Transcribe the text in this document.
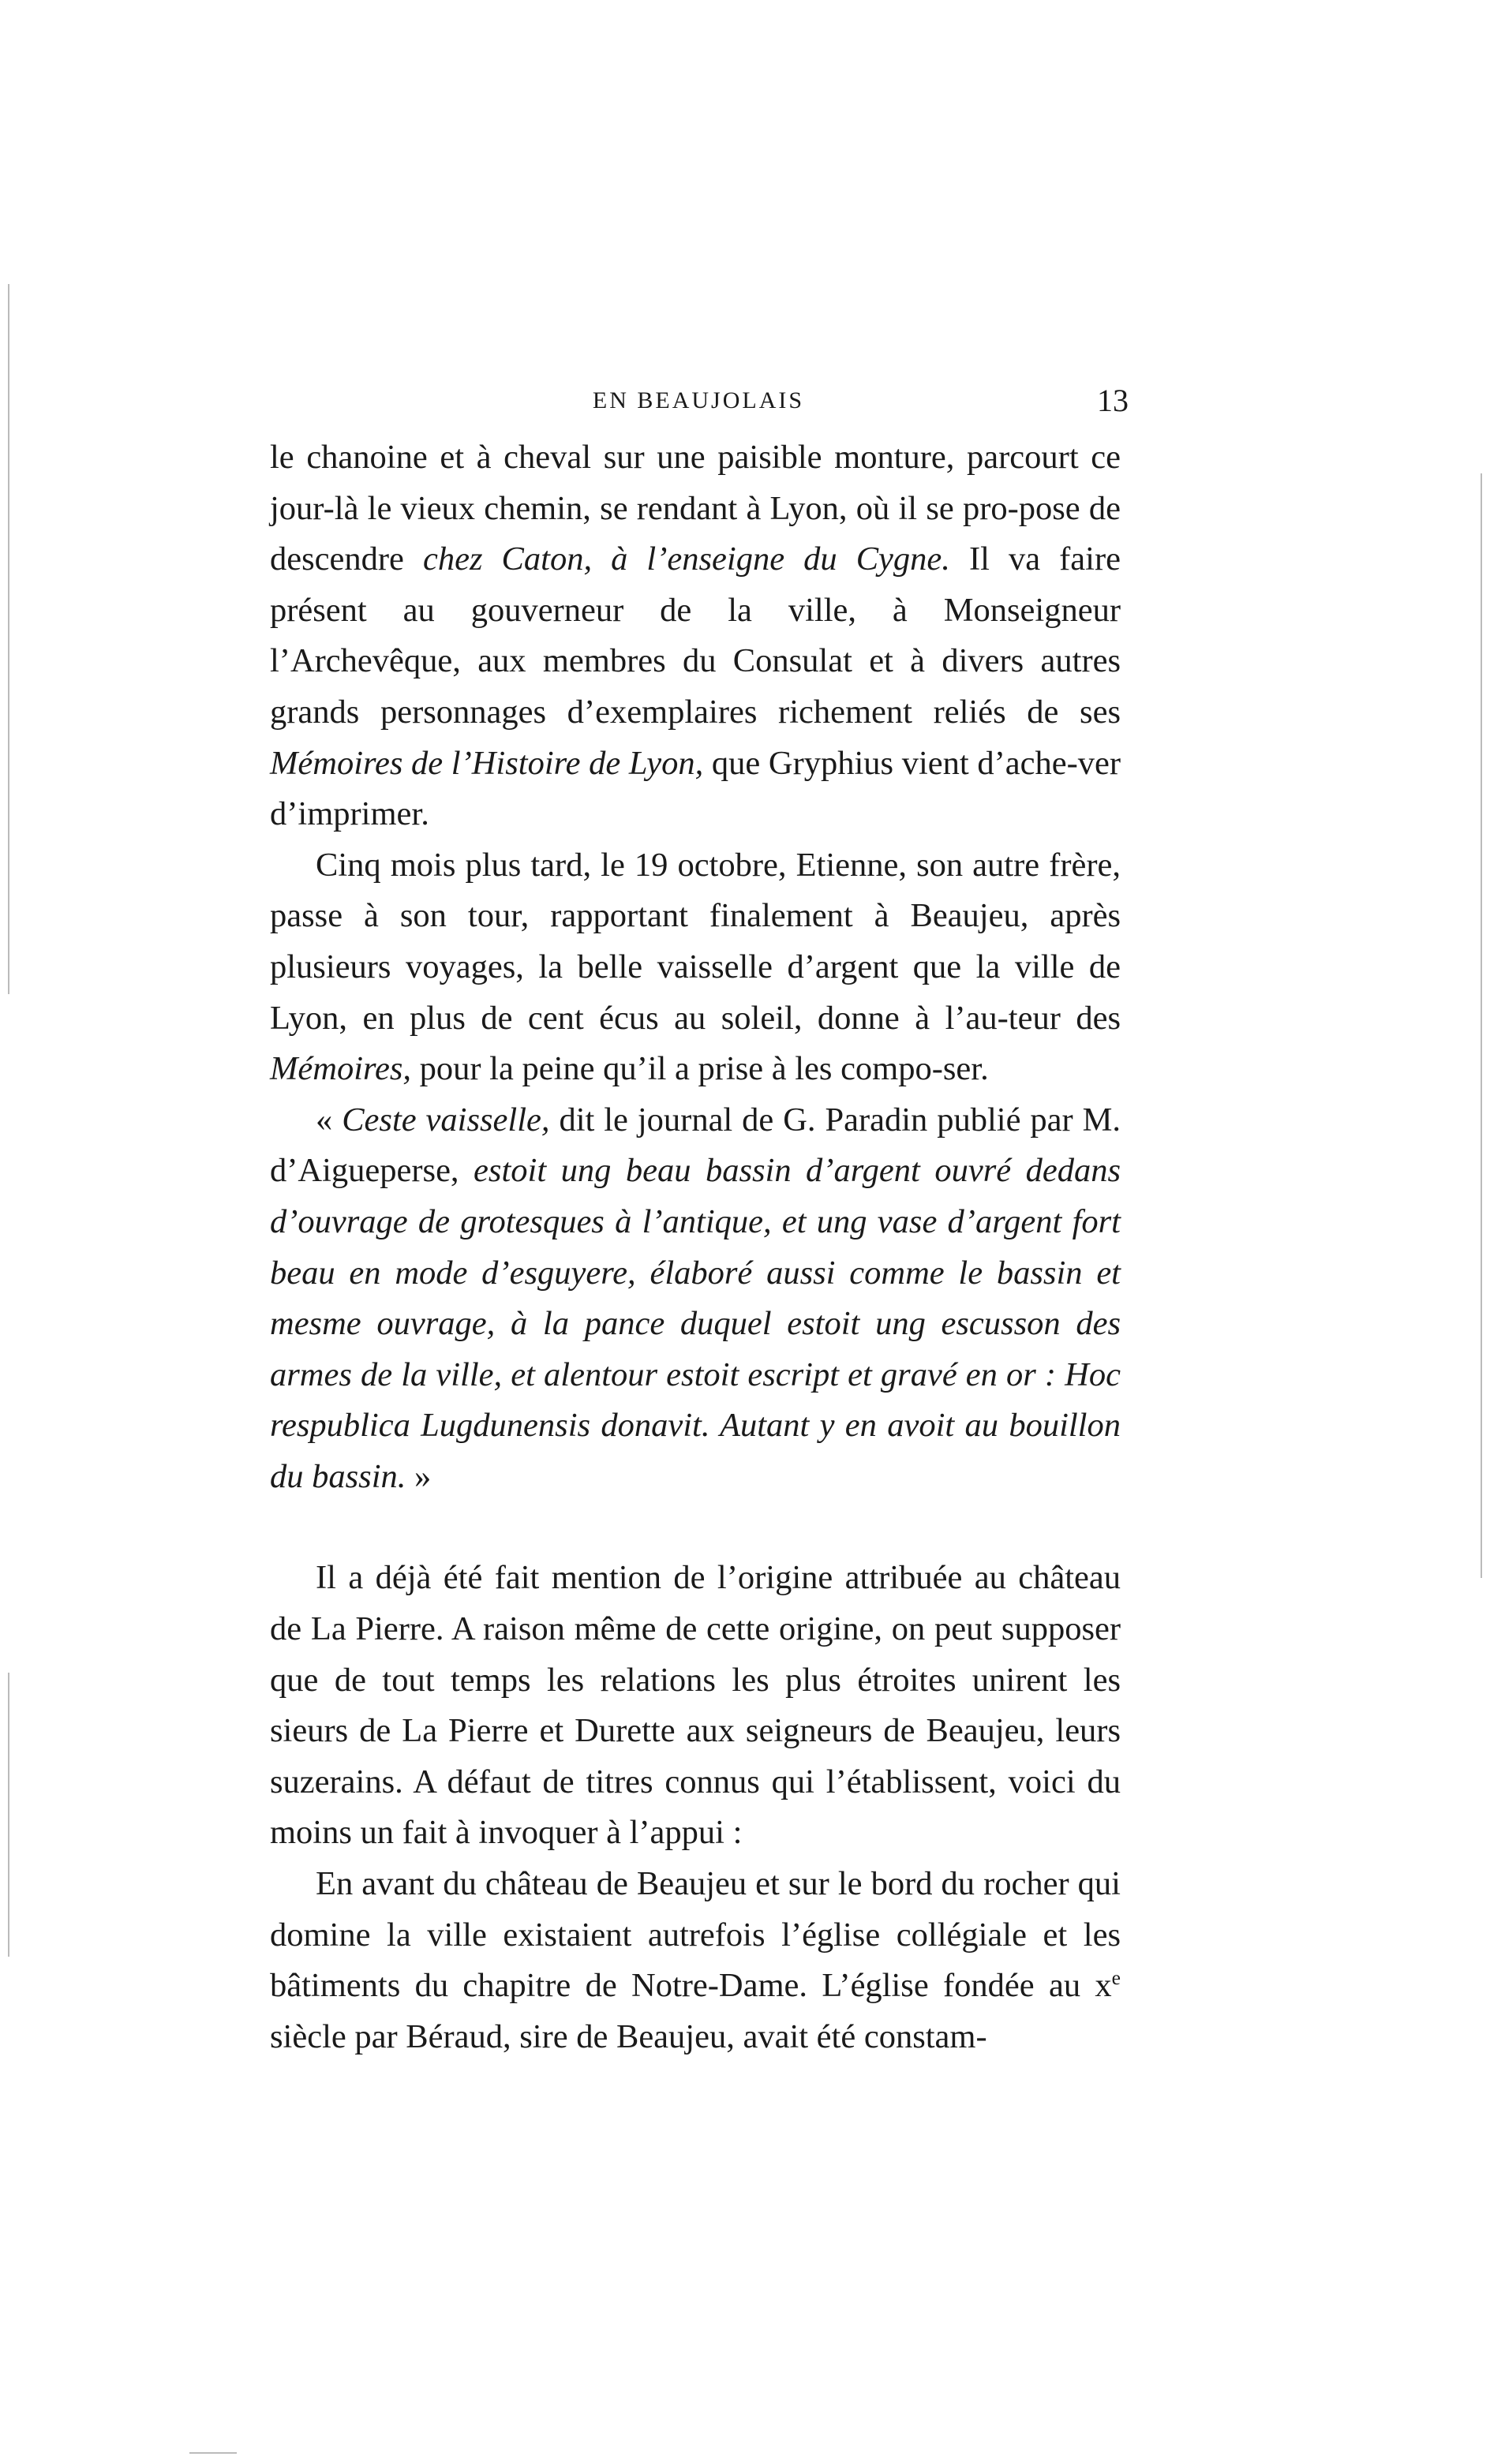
EN BEAUJOLAIS	13

le chanoine et à cheval sur une paisible monture, parcourt ce jour-là le vieux chemin, se rendant à Lyon, où il se pro-pose de descendre chez Caton, à l’enseigne du Cygne. Il va faire présent au gouverneur de la ville, à Monseigneur l’Archevêque, aux membres du Consulat et à divers autres grands personnages d’exemplaires richement reliés de ses Mémoires de l’Histoire de Lyon, que Gryphius vient d’ache-ver d’imprimer.

Cinq mois plus tard, le 19 octobre, Etienne, son autre frère, passe à son tour, rapportant finalement à Beaujeu, après plusieurs voyages, la belle vaisselle d’argent que la ville de Lyon, en plus de cent écus au soleil, donne à l’au-teur des Mémoires, pour la peine qu’il a prise à les compo-ser.

« Ceste vaisselle, dit le journal de G. Paradin publié par M. d’Aigueperse, estoit ung beau bassin d’argent ouvré dedans d’ouvrage de grotesques à l’antique, et ung vase d’argent fort beau en mode d’esguyere, élaboré aussi comme le bassin et mesme ouvrage, à la pance duquel estoit ung escusson des armes de la ville, et alentour estoit escript et gravé en or : Hoc respublica Lugdunensis donavit. Autant y en avoit au bouillon du bassin. »

Il a déjà été fait mention de l’origine attribuée au château de La Pierre. A raison même de cette origine, on peut supposer que de tout temps les relations les plus étroites unirent les sieurs de La Pierre et Durette aux seigneurs de Beaujeu, leurs suzerains. A défaut de titres connus qui l’établissent, voici du moins un fait à invoquer à l’appui :

En avant du château de Beaujeu et sur le bord du rocher qui domine la ville existaient autrefois l’église collégiale et les bâtiments du chapitre de Notre-Dame. L’église fondée au $x^e$ siècle par Béraud, sire de Beaujeu, avait été constam-
